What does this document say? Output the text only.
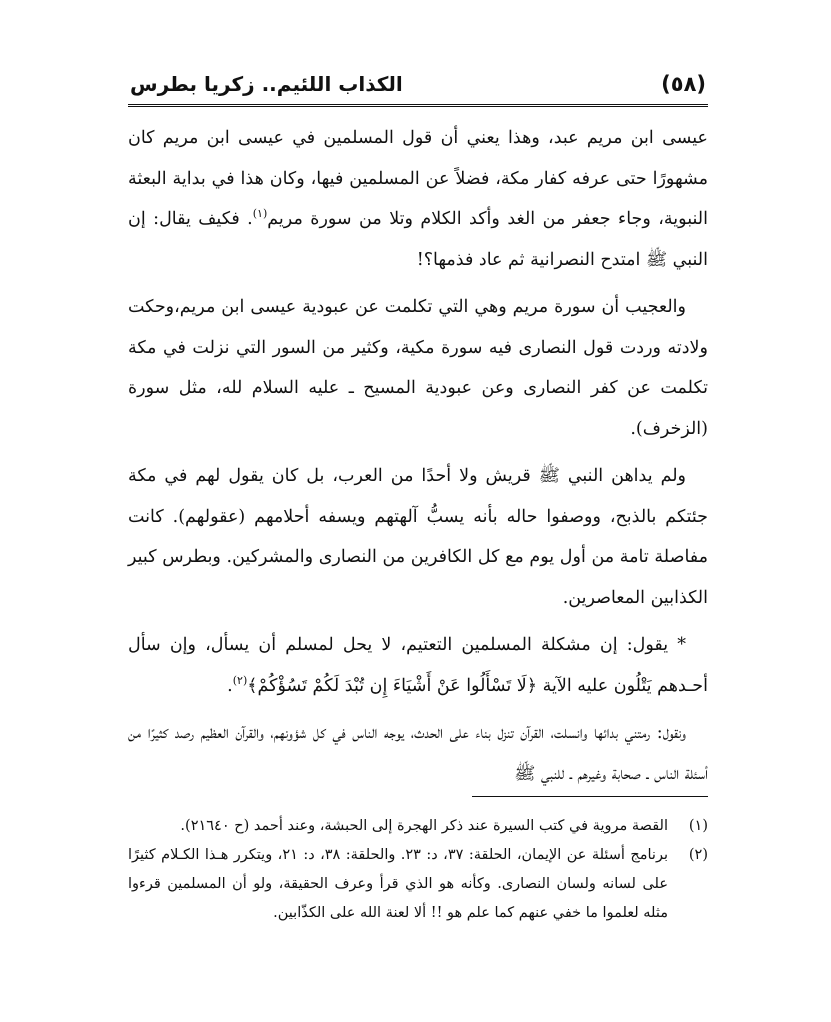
(٥٨)
الكذاب اللئيم.. زكريا بطرس

عيسى ابن مريم عبد، وهذا يعني أن قول المسلمين في عيسى ابن مريم كان مشهورًا حتى عرفه كفار مكة، فضلاً عن المسلمين فيها، وكان هذا في بداية البعثة النبوية، وجاء جعفر من الغد وأكد الكلام وتلا من سورة مريم$^{(١)}$. فكيف يقال: إن النبي ﷺ امتدح النصرانية ثم عاد فذمها؟!

والعجيب أن سورة مريم وهي التي تكلمت عن عبودية عيسى ابن مريم،وحكت ولادته وردت قول النصارى فيه سورة مكية، وكثير من السور التي نزلت في مكة تكلمت عن كفر النصارى وعن عبودية المسيح ـ عليه السلام لله، مثل سورة (الزخرف).

ولم يداهن النبي ﷺ قريش ولا أحدًا من العرب، بل كان يقول لهم في مكة جئتكم بالذبح، ووصفوا حاله بأنه يسبُّ آلهتهم ويسفه أحلامهم (عقولهم). كانت مفاصلة تامة من أول يوم مع كل الكافرين من النصارى والمشركين. وبطرس كبير الكذابين المعاصرين.

* يقول: إن مشكلة المسلمين التعتيم، لا يحل لمسلم أن يسأل، وإن سأل أحـدهم يَتْلُون عليه الآية ﴿لَا تَسْأَلُوا عَنْ أَشْيَاءَ إِن تُبْدَ لَكُمْ تَسُؤْكُمْ﴾$^{(٢)}$.

ونقول: رمتني بدائها وانسلت، القرآن تنزل بناء على الحدث، يوجه الناس في كل شؤونهم، والقرآن العظيم رصد كثيرًا من أسئلة الناس ـ صحابة وغيرهم ـ للنبي ﷺ

(١)
القصة مروية في كتب السيرة عند ذكر الهجرة إلى الحبشة، وعند أحمد (ح ٢١٦٤٠).
(٢)
برنامج أسئلة عن الإيمان، الحلقة: ٣٧، د: ٢٣. والحلقة: ٣٨، د: ٢١، ويتكرر هـذا الكـلام كثيرًا على لسانه ولسان النصارى. وكأنه هو الذي قرأ وعرف الحقيقة، ولو أن المسلمين قرءوا مثله لعلموا ما خفي عنهم كما علم هو !! ألا لعنة الله على الكذّابين.
